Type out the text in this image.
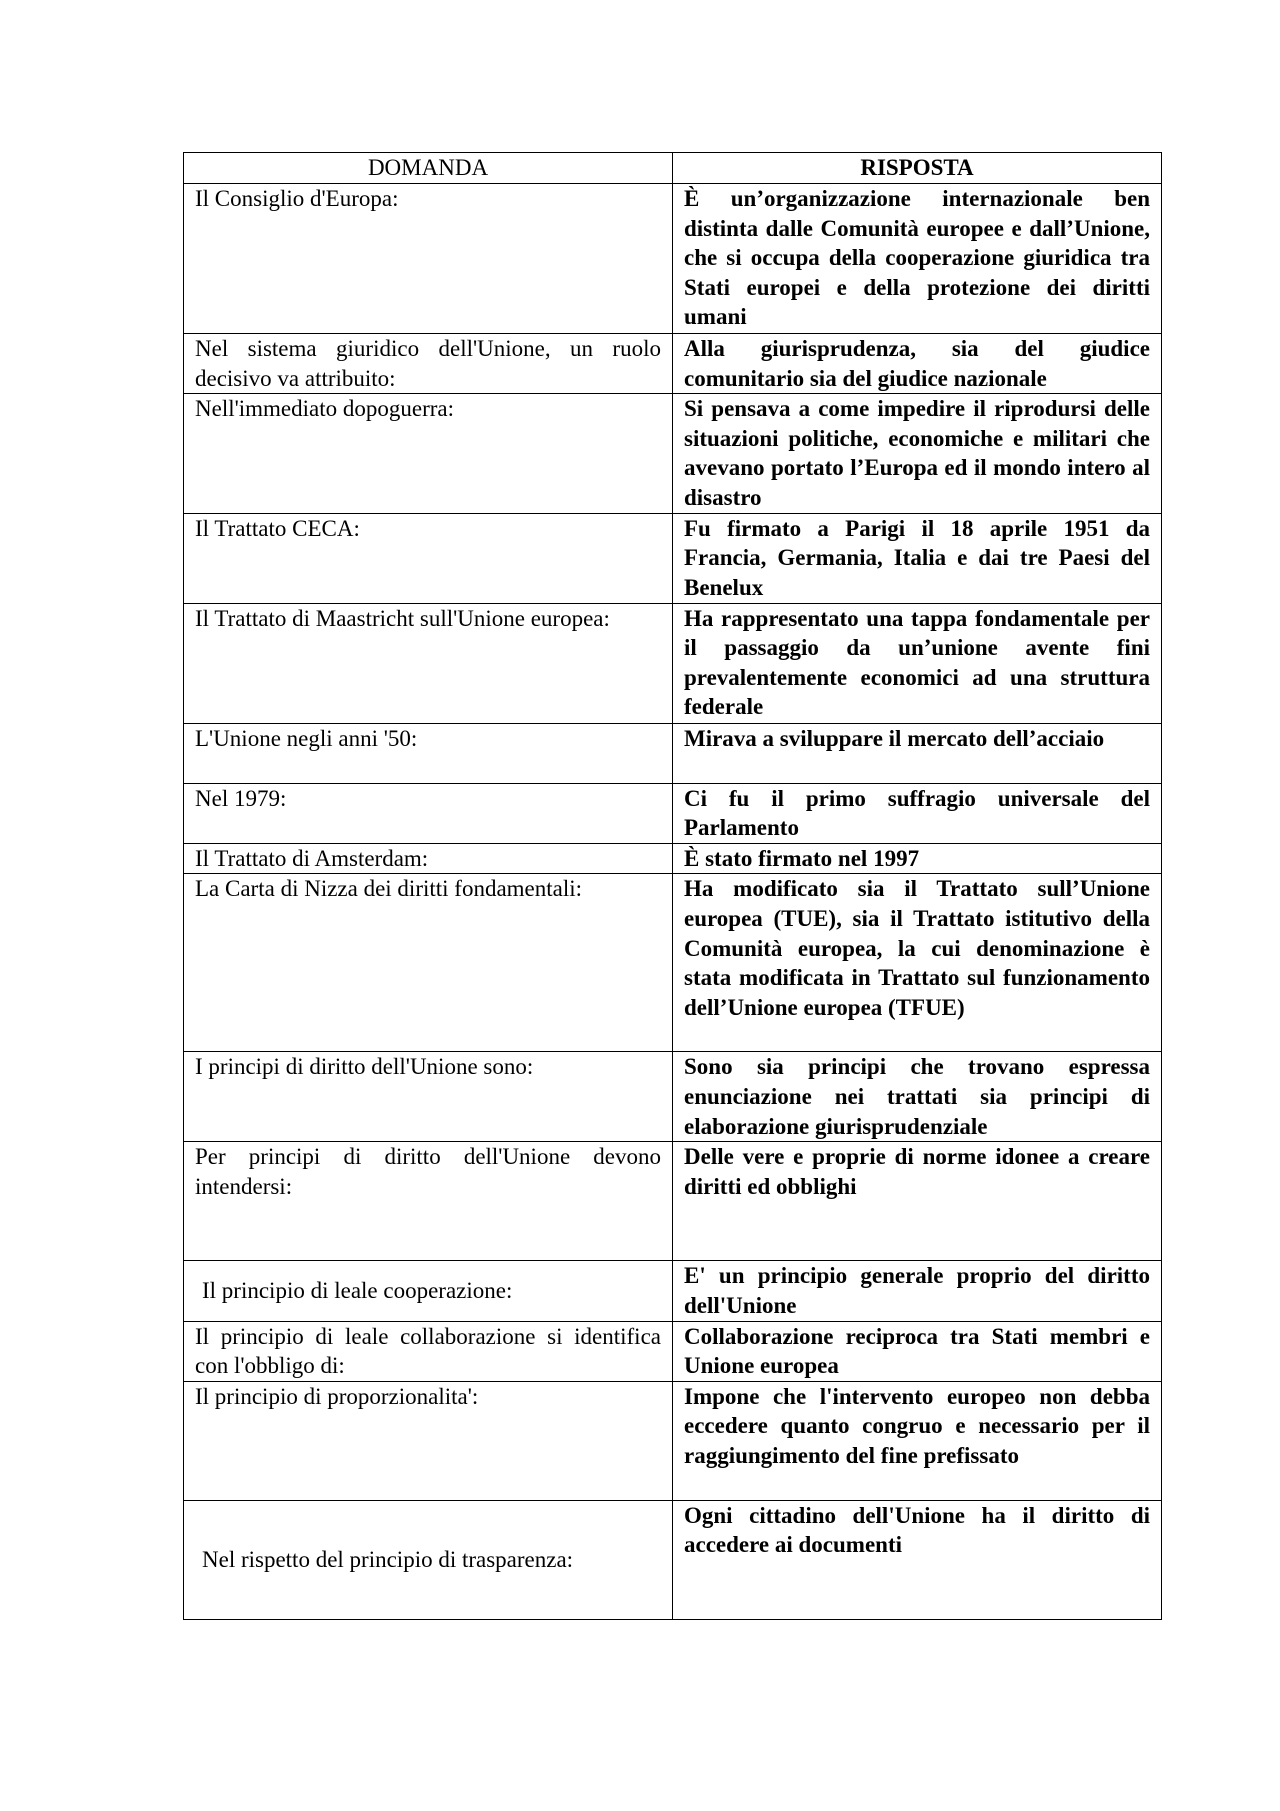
DOMANDA	RISPOSTA
Il Consiglio d'Europa:	È un’organizzazione internazionale ben distinta dalle Comunità europee e dall’Unione, che si occupa della cooperazione giuridica tra Stati europei e della protezione dei diritti umani
Nel sistema giuridico dell'Unione, un ruolo decisivo va attribuito:	Alla giurisprudenza, sia del giudice comunitario sia del giudice nazionale
Nell'immediato dopoguerra:	Si pensava a come impedire il riprodursi delle situazioni politiche, economiche e militari che avevano portato l’Europa ed il mondo intero al disastro
Il Trattato CECA:	Fu firmato a Parigi il 18 aprile 1951 da Francia, Germania, Italia e dai tre Paesi del Benelux
Il Trattato di Maastricht sull'Unione europea:	Ha rappresentato una tappa fondamentale per il passaggio da un’unione avente fini prevalentemente economici ad una struttura federale
L'Unione negli anni '50:	Mirava a sviluppare il mercato dell’acciaio
Nel 1979:	Ci fu il primo suffragio universale del Parlamento
Il Trattato di Amsterdam:	È stato firmato nel 1997
La Carta di Nizza dei diritti fondamentali:	Ha modificato sia il Trattato sull’Unione europea (TUE), sia il Trattato istitutivo della Comunità europea, la cui denominazione è stata modificata in Trattato sul funzionamento dell’Unione europea (TFUE)
I principi di diritto dell'Unione sono:	Sono sia principi che trovano espressa enunciazione nei trattati sia principi di elaborazione giurisprudenziale
Per principi di diritto dell'Unione devono intendersi:	Delle vere e proprie di norme idonee a creare diritti ed obblighi
Il principio di leale cooperazione:	E' un principio generale proprio del diritto dell'Unione
Il principio di leale collaborazione si identifica con l'obbligo di:	Collaborazione reciproca tra Stati membri e Unione europea
Il principio di proporzionalita':	Impone che l'intervento europeo non debba eccedere quanto congruo e necessario per il raggiungimento del fine prefissato
Nel rispetto del principio di trasparenza:	Ogni cittadino dell'Unione ha il diritto di accedere ai documenti
